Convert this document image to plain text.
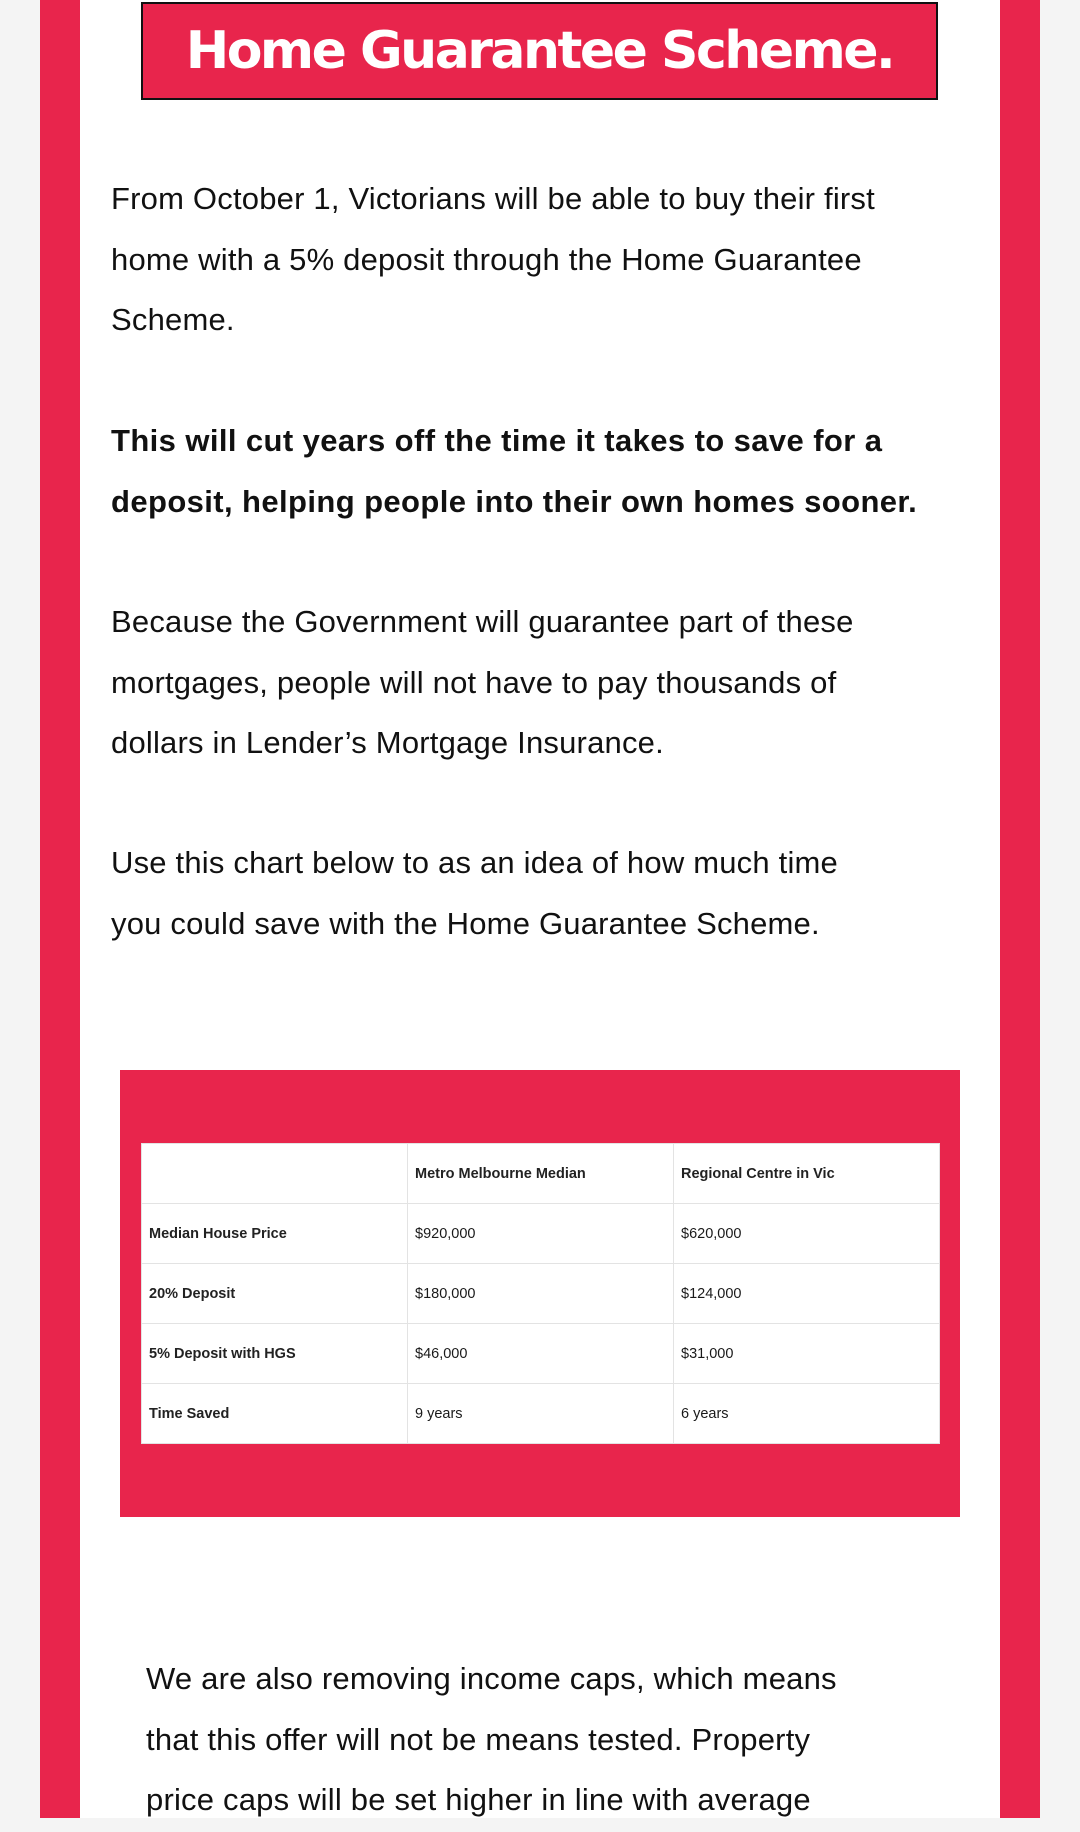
Home Guarantee Scheme.

From October 1, Victorians will be able to buy their first
home with a 5% deposit through the Home Guarantee
Scheme.

This will cut years off the time it takes to save for a
deposit, helping people into their own homes sooner.

Because the Government will guarantee part of these
mortgages, people will not have to pay thousands of
dollars in Lender’s Mortgage Insurance.

Use this chart below to as an idea of how much time
you could save with the Home Guarantee Scheme.

	Metro Melbourne Median	Regional Centre in Vic
Median House Price	$920,000	$620,000
20% Deposit	$180,000	$124,000
5% Deposit with HGS	$46,000	$31,000
Time Saved	9 years	6 years

We are also removing income caps, which means
that this offer will not be means tested. Property
price caps will be set higher in line with average
